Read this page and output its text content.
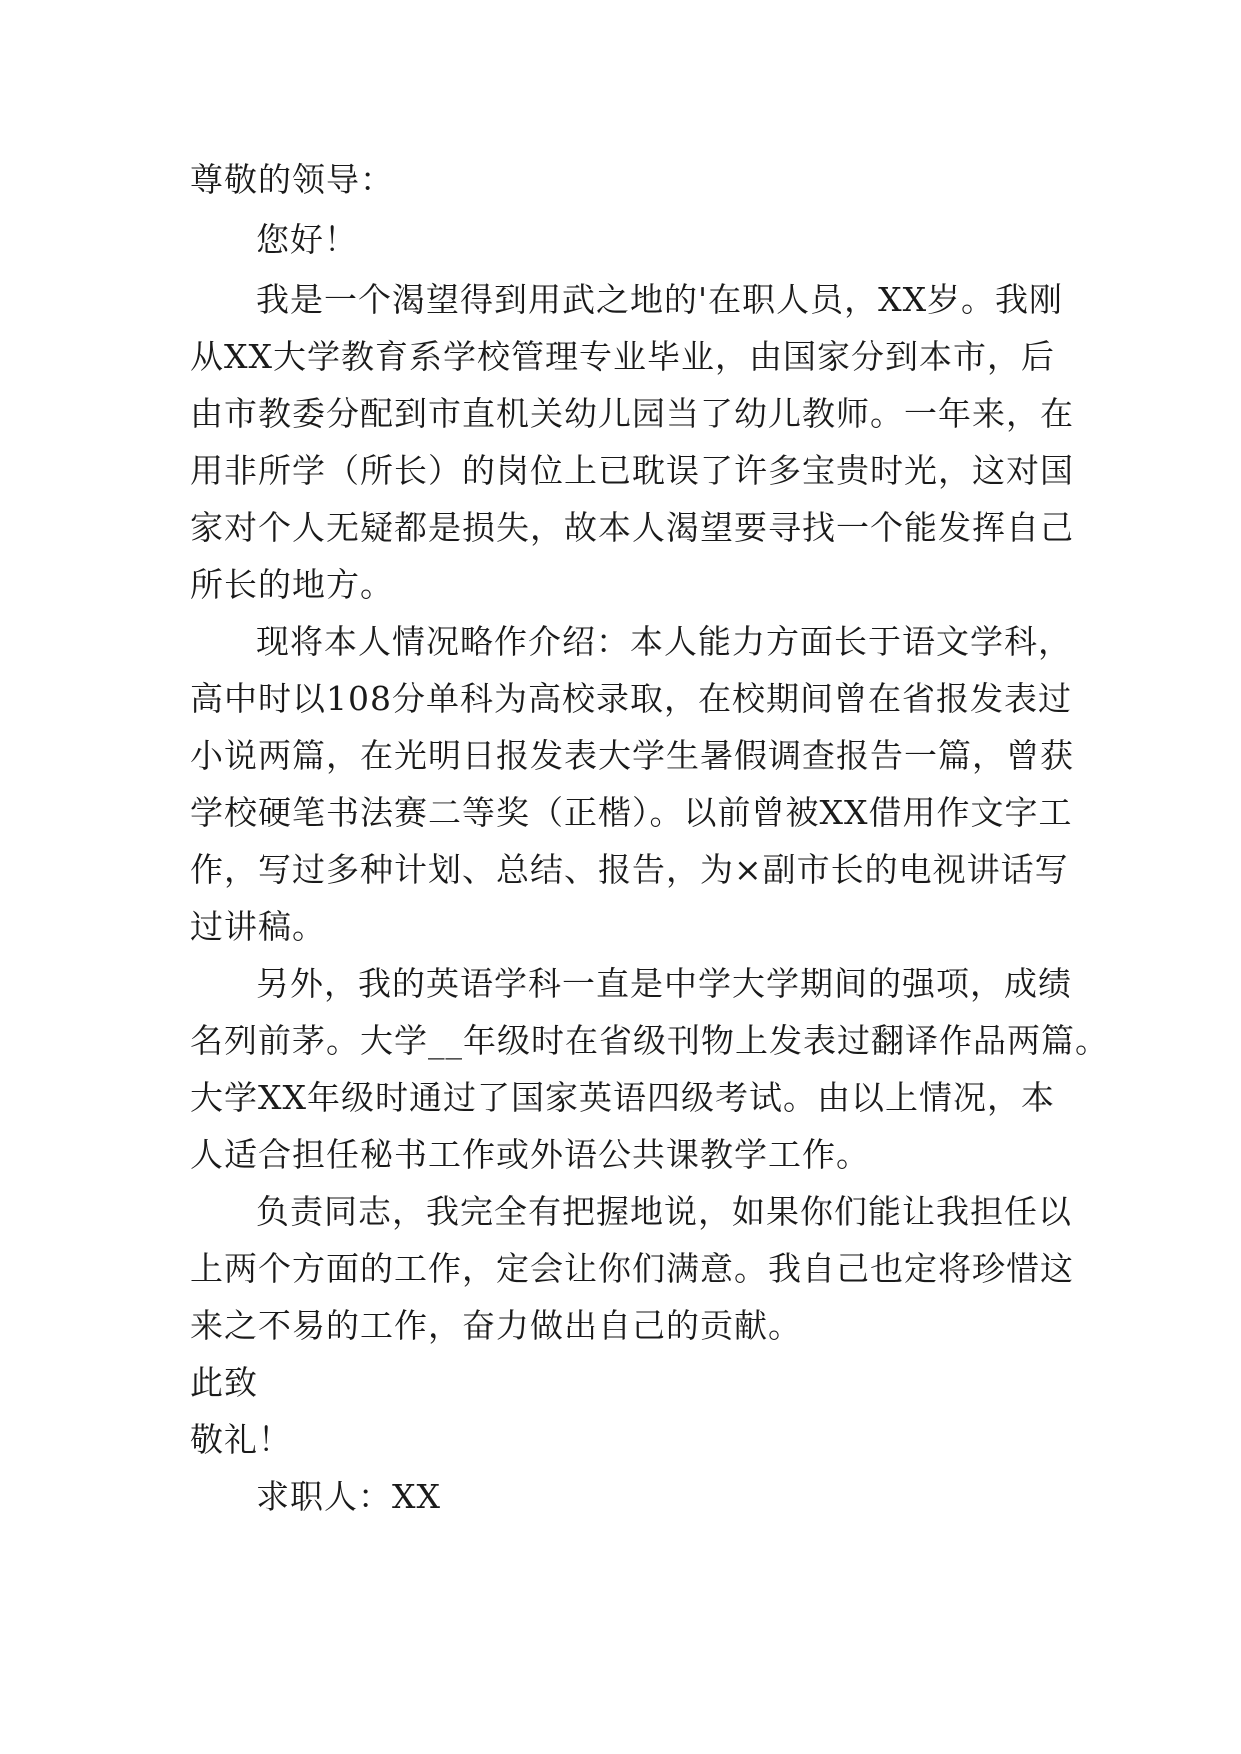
尊敬的领导：
您好！
我是一个渴望得到用武之地的'在职人员，XX岁。我刚
从XX大学教育系学校管理专业毕业，由国家分到本市，后
由市教委分配到市直机关幼儿园当了幼儿教师。一年来，在
用非所学（所长）的岗位上已耽误了许多宝贵时光，这对国
家对个人无疑都是损失，故本人渴望要寻找一个能发挥自己
所长的地方。
现将本人情况略作介绍：本人能力方面长于语文学科，
高中时以108分单科为高校录取，在校期间曾在省报发表过
小说两篇，在光明日报发表大学生暑假调查报告一篇，曾获
学校硬笔书法赛二等奖（正楷）。以前曾被XX借用作文字工
作，写过多种计划、总结、报告，为×副市长的电视讲话写
过讲稿。
另外，我的英语学科一直是中学大学期间的强项，成绩
名列前茅。大学__年级时在省级刊物上发表过翻译作品两篇。
大学XX年级时通过了国家英语四级考试。由以上情况，本
人适合担任秘书工作或外语公共课教学工作。
负责同志，我完全有把握地说，如果你们能让我担任以
上两个方面的工作，定会让你们满意。我自己也定将珍惜这
来之不易的工作，奋力做出自己的贡献。
此致
敬礼！
求职人：XX
